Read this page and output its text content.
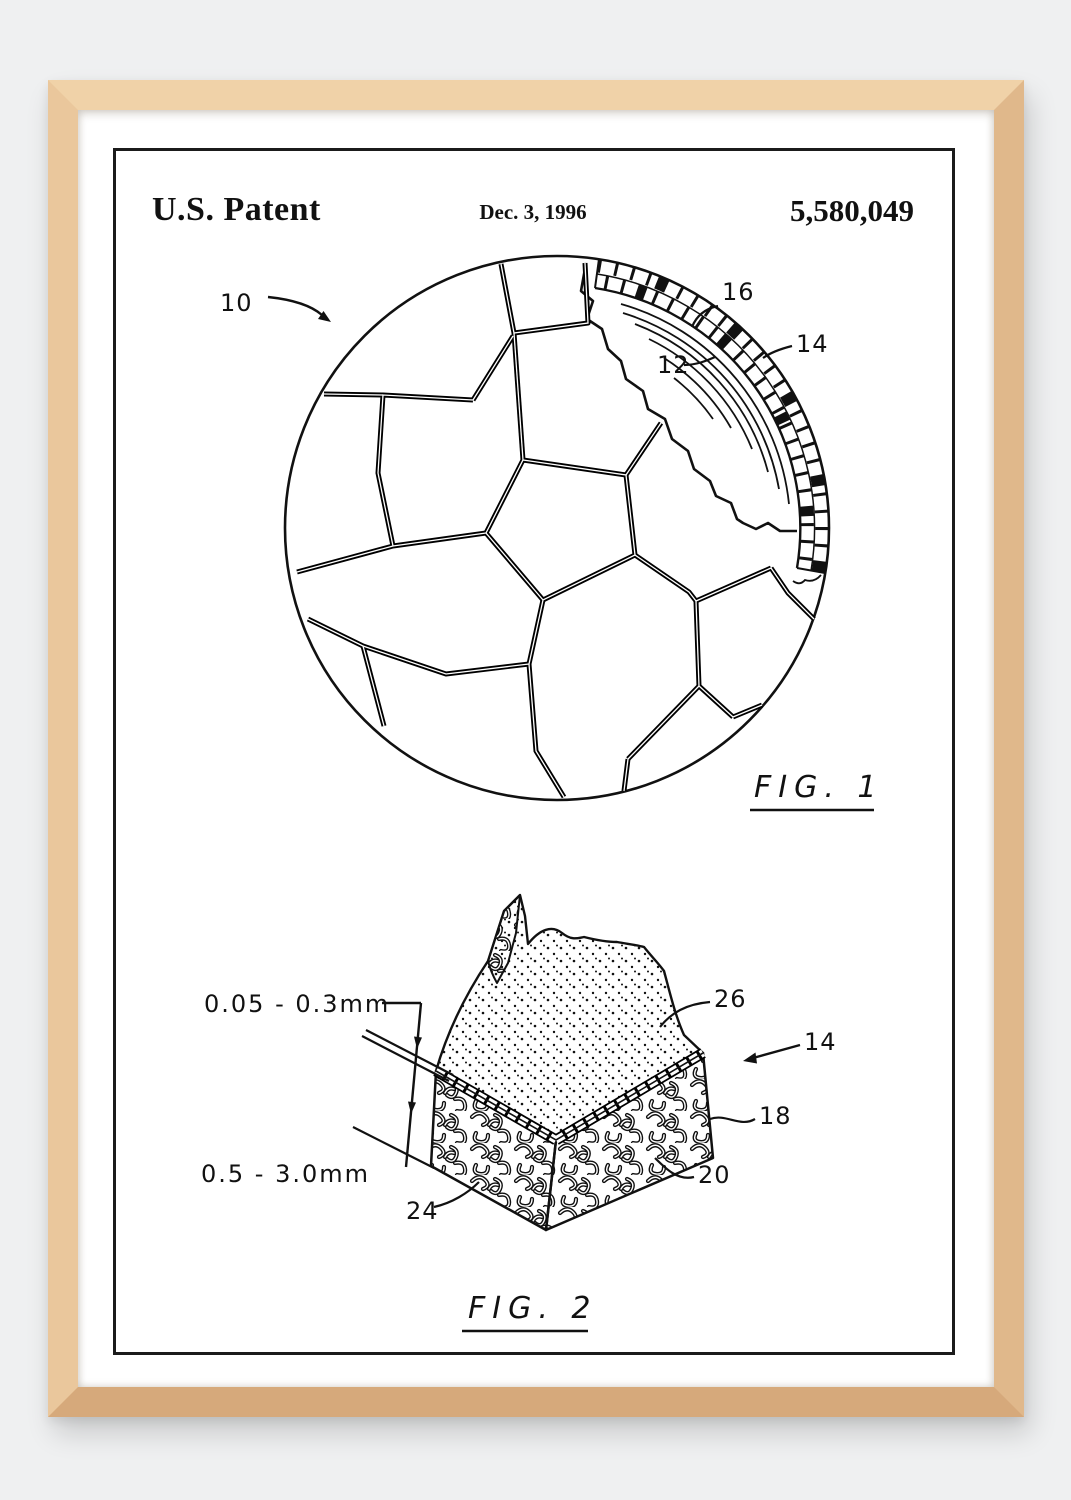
U.S. Patent	Dec. 3, 1996	5,580,049
10	16
14
12
FIG. 1
0.05 - 0.3mm
0.5 - 3.0mm
26
14
18
20
24
FIG. 2
